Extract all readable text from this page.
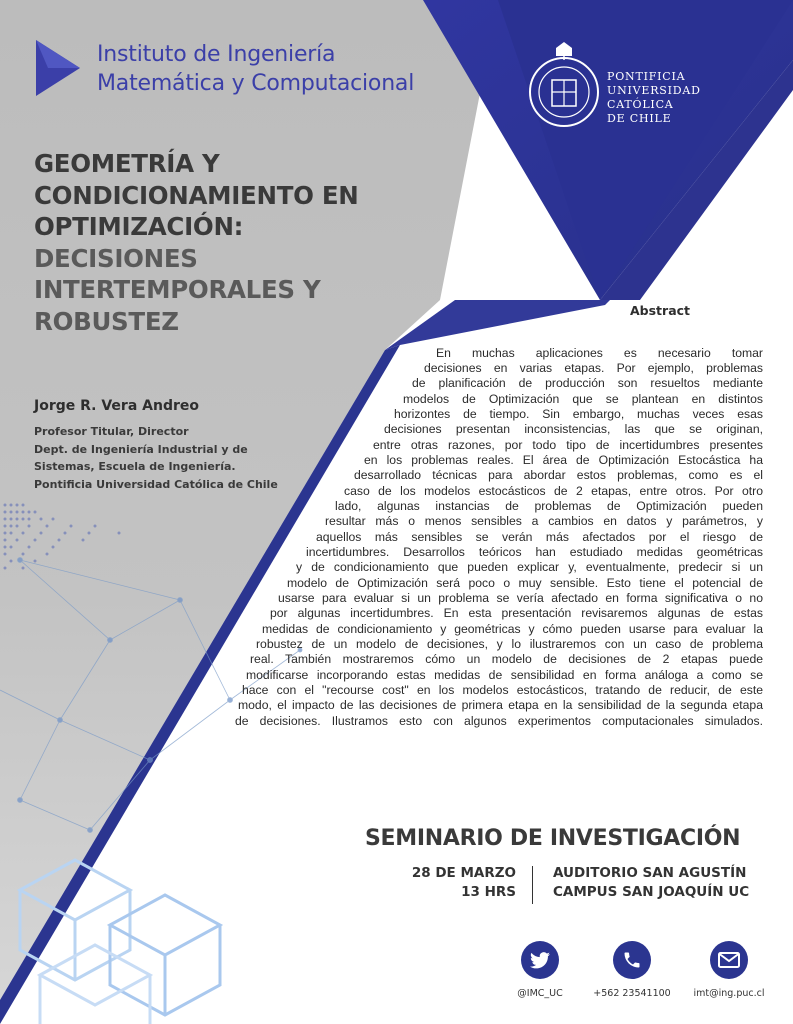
Instituto de Ingeniería
Matemática y Computacional	PONTIFICIA
UNIVERSIDAD
CATÓLICA
DE CHILE
GEOMETRÍA Y
CONDICIONAMIENTO EN
OPTIMIZACIÓN:
DECISIONES
INTERTEMPORALES Y
ROBUSTEZ
Jorge R. Vera Andreo
Profesor Titular, Director
Dept. de Ingeniería Industrial y de
Sistemas, Escuela de Ingeniería.
Pontificia Universidad Católica de Chile
Abstract
En muchas aplicaciones es necesario tomar
decisiones en varias etapas. Por ejemplo, problemas
de planificación de producción son resueltos mediante
modelos de Optimización que se plantean en distintos
horizontes de tiempo. Sin embargo, muchas veces esas
decisiones presentan inconsistencias, las que se originan,
entre otras razones, por todo tipo de incertidumbres presentes
en los problemas reales. El área de Optimización Estocástica ha
desarrollado técnicas para abordar estos problemas, como es el
caso de los modelos estocásticos de 2 etapas, entre otros. Por otro
lado, algunas instancias de problemas de Optimización pueden
resultar más o menos sensibles a cambios en datos y parámetros, y
aquellos más sensibles se verán más afectados por el riesgo de
incertidumbres. Desarrollos teóricos han estudiado medidas geométricas
y de condicionamiento que pueden explicar y, eventualmente, predecir si un
modelo de Optimización será poco o muy sensible. Esto tiene el potencial de
usarse para evaluar si un problema se vería afectado en forma significativa o no
por algunas incertidumbres. En esta presentación revisaremos algunas de estas
medidas de condicionamiento y geométricas y cómo pueden usarse para evaluar la
robustez de un modelo de decisiones, y lo ilustraremos con un caso de problema
real. También mostraremos cómo un modelo de decisiones de 2 etapas puede
modificarse incorporando estas medidas de sensibilidad en forma análoga a como se
hace con el "recourse cost" en los modelos estocásticos, tratando de reducir, de este
modo, el impacto de las decisiones de primera etapa en la sensibilidad de la segunda etapa
de decisiones. Ilustramos esto con algunos experimentos computacionales simulados.
SEMINARIO DE INVESTIGACIÓN
28 DE MARZO
13 HRS
AUDITORIO SAN AGUSTÍN
CAMPUS SAN JOAQUÍN UC
@IMC_UC	+562 23541100	imt@ing.puc.cl
